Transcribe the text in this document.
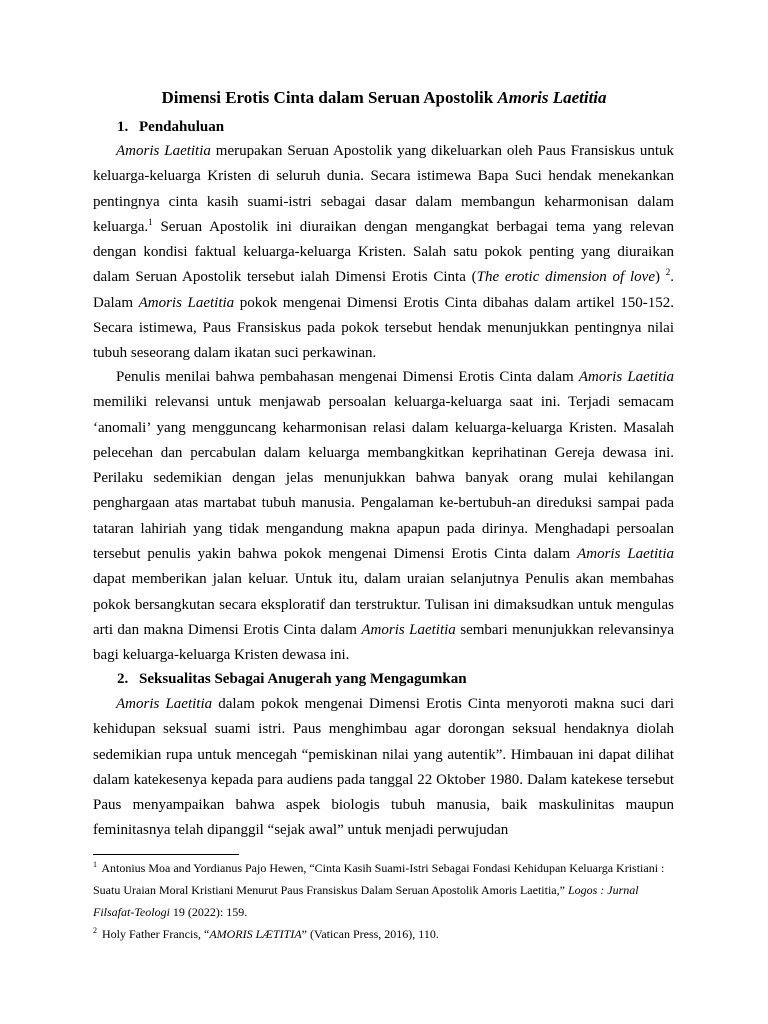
Dimensi Erotis Cinta dalam Seruan Apostolik Amoris Laetitia
1. Pendahuluan

Amoris Laetitia merupakan Seruan Apostolik yang dikeluarkan oleh Paus Fransiskus untuk keluarga-keluarga Kristen di seluruh dunia. Secara istimewa Bapa Suci hendak menekankan pentingnya cinta kasih suami-istri sebagai dasar dalam membangun keharmonisan dalam keluarga.$^1$ Seruan Apostolik ini diuraikan dengan mengangkat berbagai tema yang relevan dengan kondisi faktual keluarga-keluarga Kristen. Salah satu pokok penting yang diuraikan dalam Seruan Apostolik tersebut ialah Dimensi Erotis Cinta (The erotic dimension of love) $^2$. Dalam Amoris Laetitia pokok mengenai Dimensi Erotis Cinta dibahas dalam artikel 150-152. Secara istimewa, Paus Fransiskus pada pokok tersebut hendak menunjukkan pentingnya nilai tubuh seseorang dalam ikatan suci perkawinan.

Penulis menilai bahwa pembahasan mengenai Dimensi Erotis Cinta dalam Amoris Laetitia memiliki relevansi untuk menjawab persoalan keluarga-keluarga saat ini. Terjadi semacam ‘anomali’ yang mengguncang keharmonisan relasi dalam keluarga-keluarga Kristen. Masalah pelecehan dan percabulan dalam keluarga membangkitkan keprihatinan Gereja dewasa ini. Perilaku sedemikian dengan jelas menunjukkan bahwa banyak orang mulai kehilangan penghargaan atas martabat tubuh manusia. Pengalaman ke-bertubuh-an direduksi sampai pada tataran lahiriah yang tidak mengandung makna apapun pada dirinya. Menghadapi persoalan tersebut penulis yakin bahwa pokok mengenai Dimensi Erotis Cinta dalam Amoris Laetitia dapat memberikan jalan keluar. Untuk itu, dalam uraian selanjutnya Penulis akan membahas pokok bersangkutan secara eksploratif dan terstruktur. Tulisan ini dimaksudkan untuk mengulas arti dan makna Dimensi Erotis Cinta dalam Amoris Laetitia sembari menunjukkan relevansinya bagi keluarga-keluarga Kristen dewasa ini.

2. Seksualitas Sebagai Anugerah yang Mengagumkan

Amoris Laetitia dalam pokok mengenai Dimensi Erotis Cinta menyoroti makna suci dari kehidupan seksual suami istri. Paus menghimbau agar dorongan seksual hendaknya diolah sedemikian rupa untuk mencegah “pemiskinan nilai yang autentik”. Himbauan ini dapat dilihat dalam katekesenya kepada para audiens pada tanggal 22 Oktober 1980. Dalam katekese tersebut Paus menyampaikan bahwa aspek biologis tubuh manusia, baik maskulinitas maupun feminitasnya telah dipanggil “sejak awal” untuk menjadi perwujudan

$^1$ Antonius Moa and Yordianus Pajo Hewen, “Cinta Kasih Suami-Istri Sebagai Fondasi Kehidupan Keluarga Kristiani : Suatu Uraian Moral Kristiani Menurut Paus Fransiskus Dalam Seruan Apostolik Amoris Laetitia,” Logos : Jurnal Filsafat-Teologi 19 (2022): 159.

$^2$ Holy Father Francis, “AMORIS LÆTITIA” (Vatican Press, 2016), 110.
